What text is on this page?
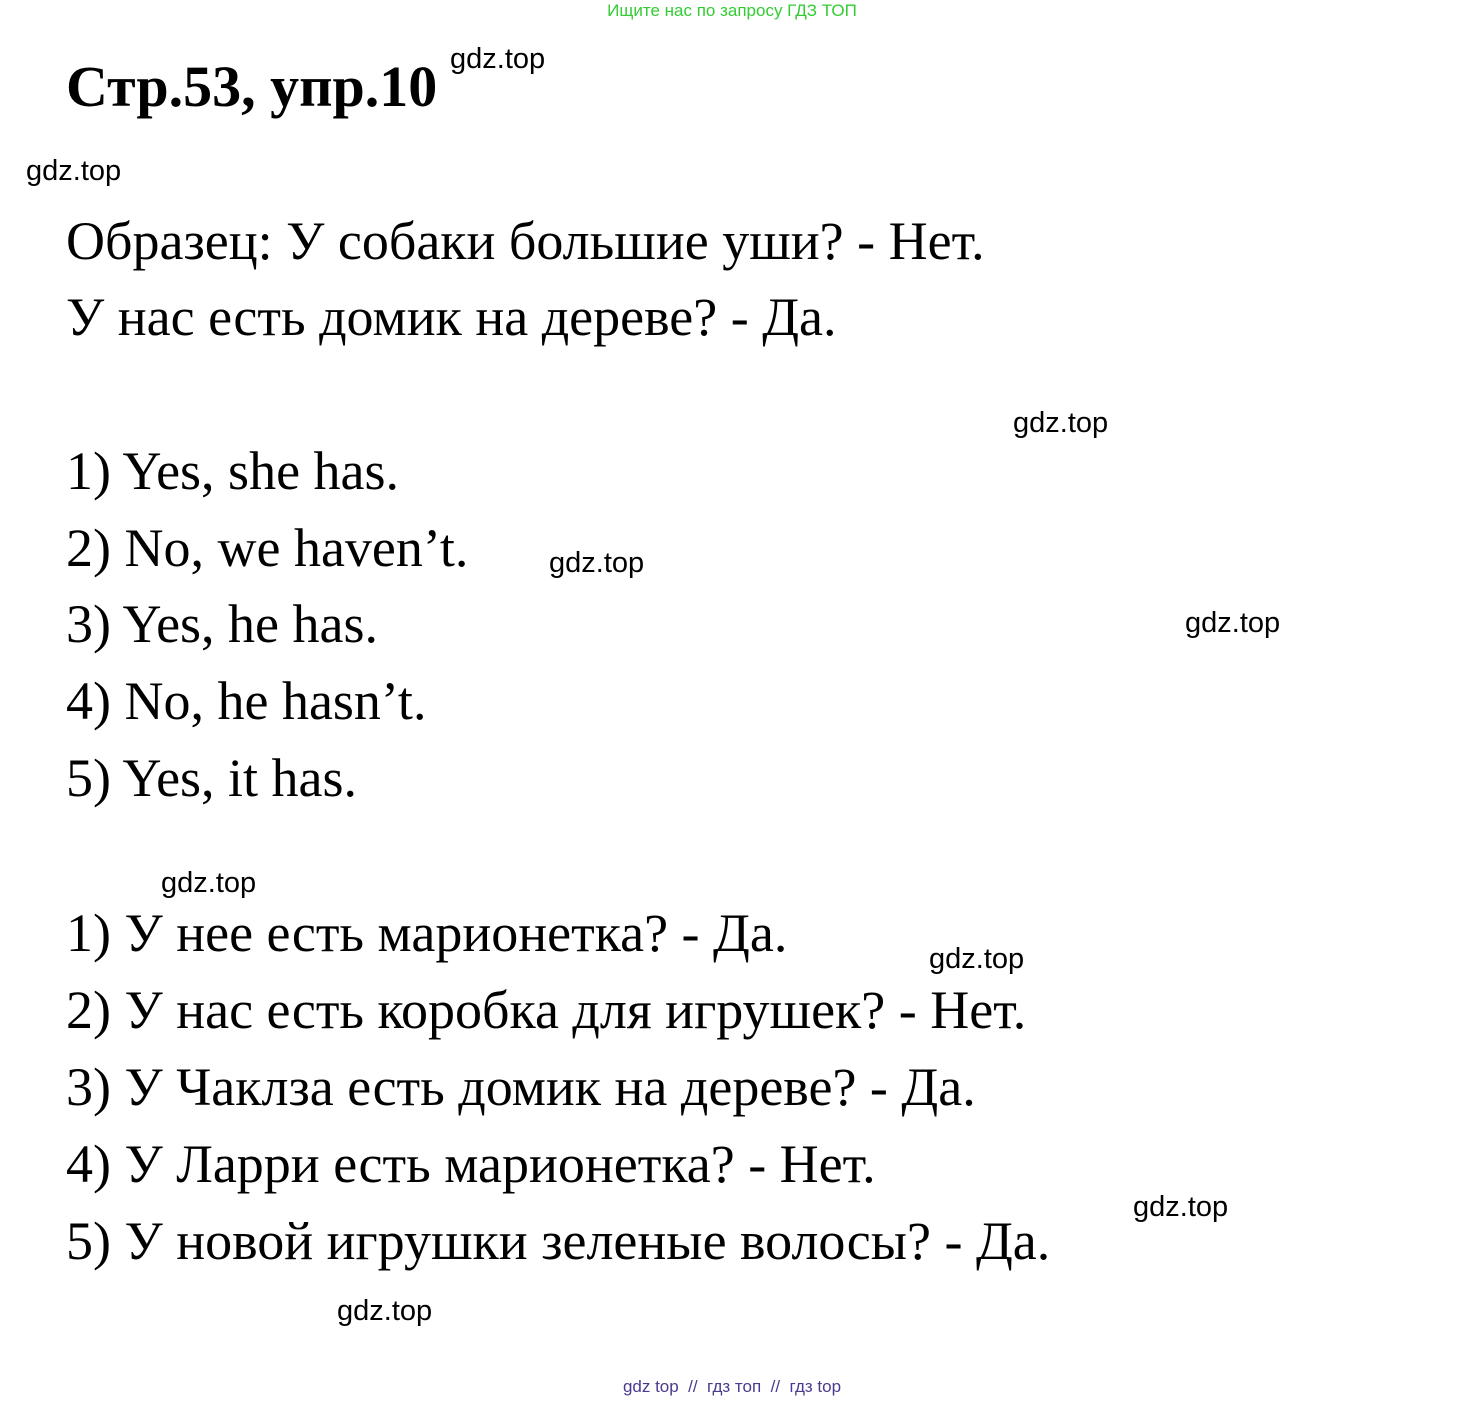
Ищите нас по запросу ГДЗ ТОП
Стр.53, упр.10 gdz.top
gdz.top
Образец: У собаки большие уши? - Нет.
У нас есть домик на дереве? - Да.
gdz.top
1) Yes, she has.
2) No, we haven’t.	gdz.top
3) Yes, he has.	gdz.top
4) No, he hasn’t.
5) Yes, it has.
gdz.top
1) У нее есть марионетка? - Да.	gdz.top
2) У нас есть коробка для игрушек? - Нет.
3) У Чаклза есть домик на дереве? - Да.
4) У Ларри есть марионетка? - Нет.
gdz.top
5) У новой игрушки зеленые волосы? - Да.
gdz.top
gdz top  //  гдз топ  //  гдз top
